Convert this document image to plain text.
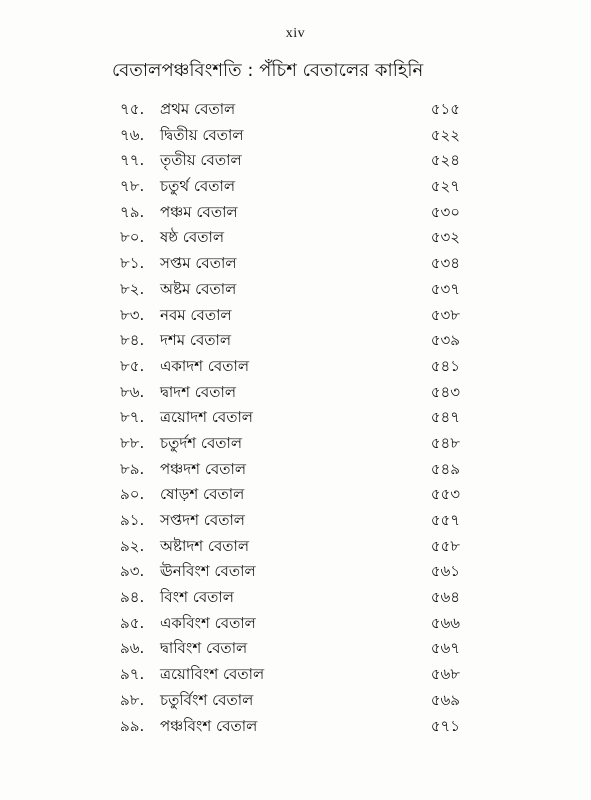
xiv
বেতালপঞ্চবিংশতি : পঁচিশ বেতালের কাহিনি
৭৫.	প্রথম বেতাল	৫১৫
৭৬.	দ্বিতীয় বেতাল	৫২২
৭৭.	তৃতীয় বেতাল	৫২৪
৭৮.	চতুর্থ বেতাল	৫২৭
৭৯.	পঞ্চম বেতাল	৫৩০
৮০.	ষষ্ঠ বেতাল	৫৩২
৮১.	সপ্তম বেতাল	৫৩৪
৮২.	অষ্টম বেতাল	৫৩৭
৮৩.	নবম বেতাল	৫৩৮
৮৪.	দশম বেতাল	৫৩৯
৮৫.	একাদশ বেতাল	৫৪১
৮৬.	দ্বাদশ বেতাল	৫৪৩
৮৭.	ত্রয়োদশ বেতাল	৫৪৭
৮৮.	চতুর্দশ বেতাল	৫৪৮
৮৯.	পঞ্চদশ বেতাল	৫৪৯
৯০.	ষোড়শ বেতাল	৫৫৩
৯১.	সপ্তদশ বেতাল	৫৫৭
৯২.	অষ্টাদশ বেতাল	৫৫৮
৯৩.	ঊনবিংশ বেতাল	৫৬১
৯৪.	বিংশ বেতাল	৫৬৪
৯৫.	একবিংশ বেতাল	৫৬৬
৯৬.	দ্বাবিংশ বেতাল	৫৬৭
৯৭.	ত্রয়োবিংশ বেতাল	৫৬৮
৯৮.	চতুর্বিংশ বেতাল	৫৬৯
৯৯.	পঞ্চবিংশ বেতাল	৫৭১
